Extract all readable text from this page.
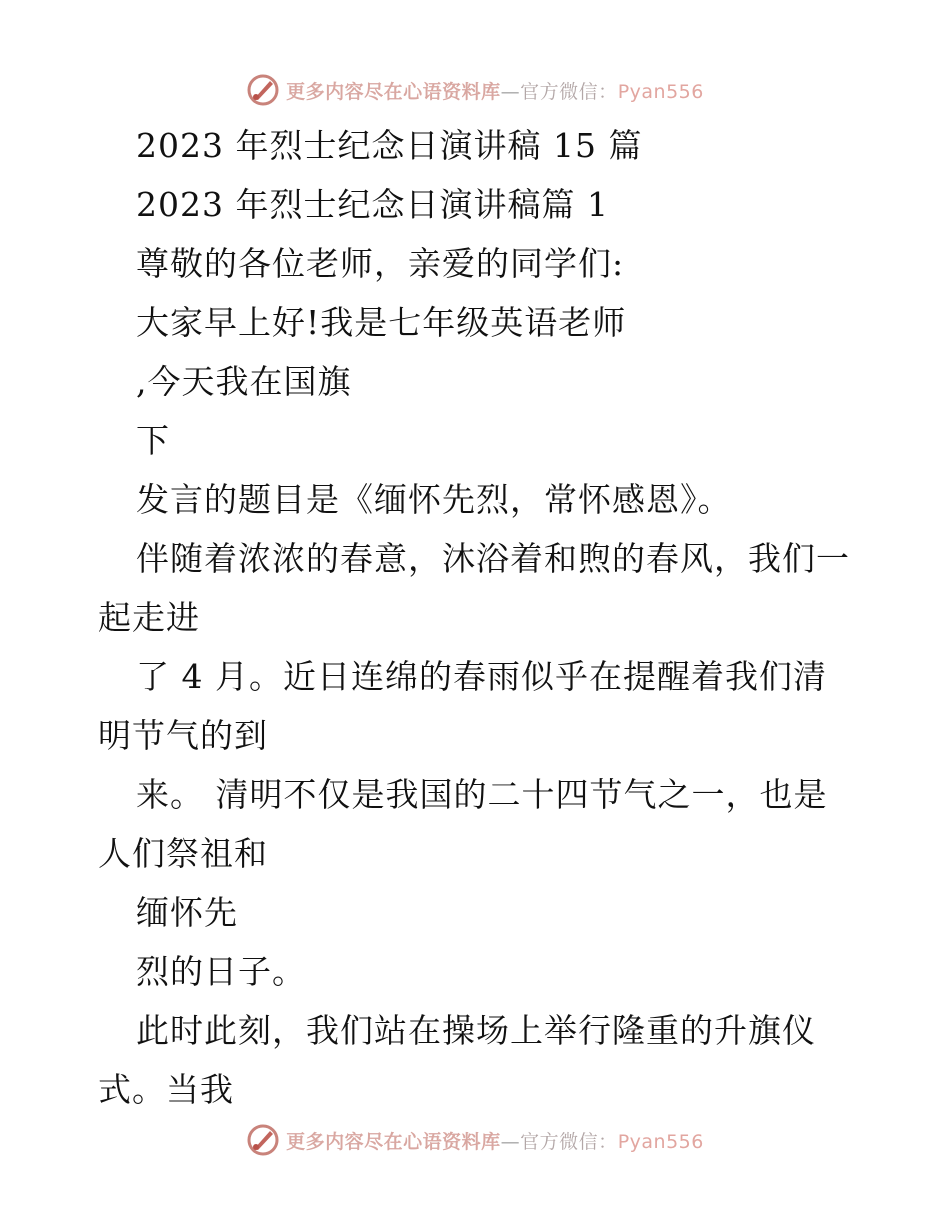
更多内容尽在心语资料库—官方微信：Pyan556
2023 年烈士纪念日演讲稿 15 篇
2023 年烈士纪念日演讲稿篇 1
尊敬的各位老师，亲爱的同学们:
大家早上好!我是七年级英语老师
,今天我在国旗
下
发言的题目是《缅怀先烈，常怀感恩》。
伴随着浓浓的春意，沐浴着和煦的春风，我们一
起走进
了 4 月。近日连绵的春雨似乎在提醒着我们清
明节气的到
来。 清明不仅是我国的二十四节气之一，也是
人们祭祖和
缅怀先
烈的日子。
此时此刻，我们站在操场上举行隆重的升旗仪
式。当我
更多内容尽在心语资料库—官方微信：Pyan556
